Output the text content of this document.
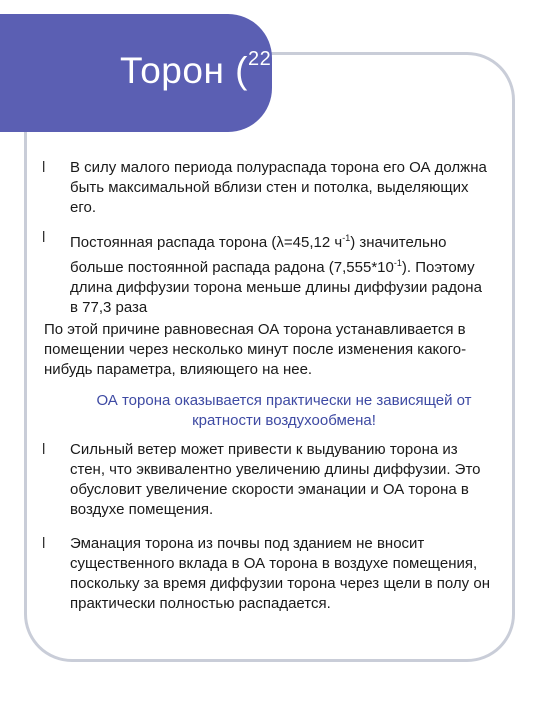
Торон ($^{22}$
l В силу малого периода полураспада торона его ОА должна быть максимальной вблизи стен и потолка, выделяющих его.
l Постоянная распада торона (λ=45,12 $ч^{-1}$) значительно больше постоянной распада радона $(7,555*10^{-1})$. Поэтому длина диффузии торона меньше длины диффузии радона в 77,3 раза
По этой причине равновесная ОА торона устанавливается в помещении через несколько минут после изменения какого-нибудь параметра, влияющего на нее.
ОА торона оказывается практически не зависящей от кратности воздухообмена!
l Сильный ветер может привести к выдуванию торона из стен, что эквивалентно увеличению длины диффузии. Это обусловит увеличение скорости эманации и ОА торона в воздухе помещения.
l Эманация торона из почвы под зданием не вносит существенного вклада в ОА торона в воздухе помещения, поскольку за время диффузии торона через щели в полу он практически полностью распадается.
